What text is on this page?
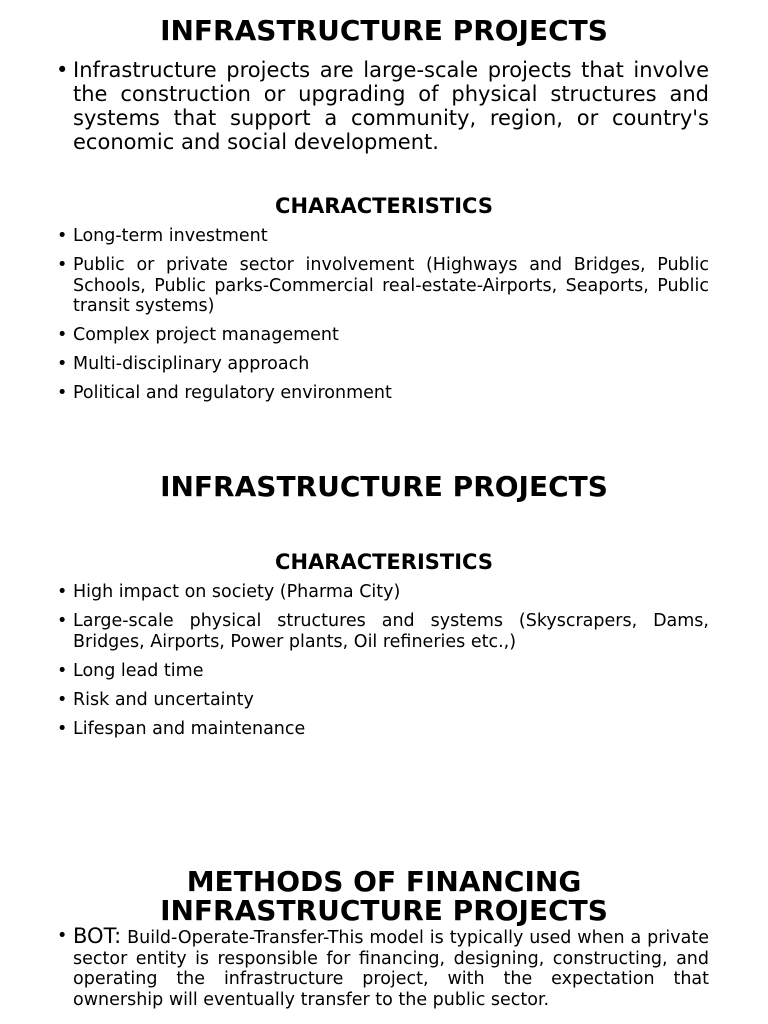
INFRASTRUCTURE PROJECTS
• Infrastructure projects are large-scale projects that involve the construction or upgrading of physical structures and systems that support a community, region, or country's economic and social development.
CHARACTERISTICS
• Long-term investment
• Public or private sector involvement (Highways and Bridges, Public Schools, Public parks-Commercial real-estate-Airports, Seaports, Public transit systems)
• Complex project management
• Multi-disciplinary approach
• Political and regulatory environment
INFRASTRUCTURE PROJECTS
CHARACTERISTICS
• High impact on society (Pharma City)
• Large-scale physical structures and systems (Skyscrapers, Dams, Bridges, Airports, Power plants, Oil refineries etc.,)
• Long lead time
• Risk and uncertainty
• Lifespan and maintenance
METHODS OF FINANCING
INFRASTRUCTURE PROJECTS
• BOT: Build-Operate-Transfer-This model is typically used when a private sector entity is responsible for financing, designing, constructing, and operating the infrastructure project, with the expectation that ownership will eventually transfer to the public sector.
